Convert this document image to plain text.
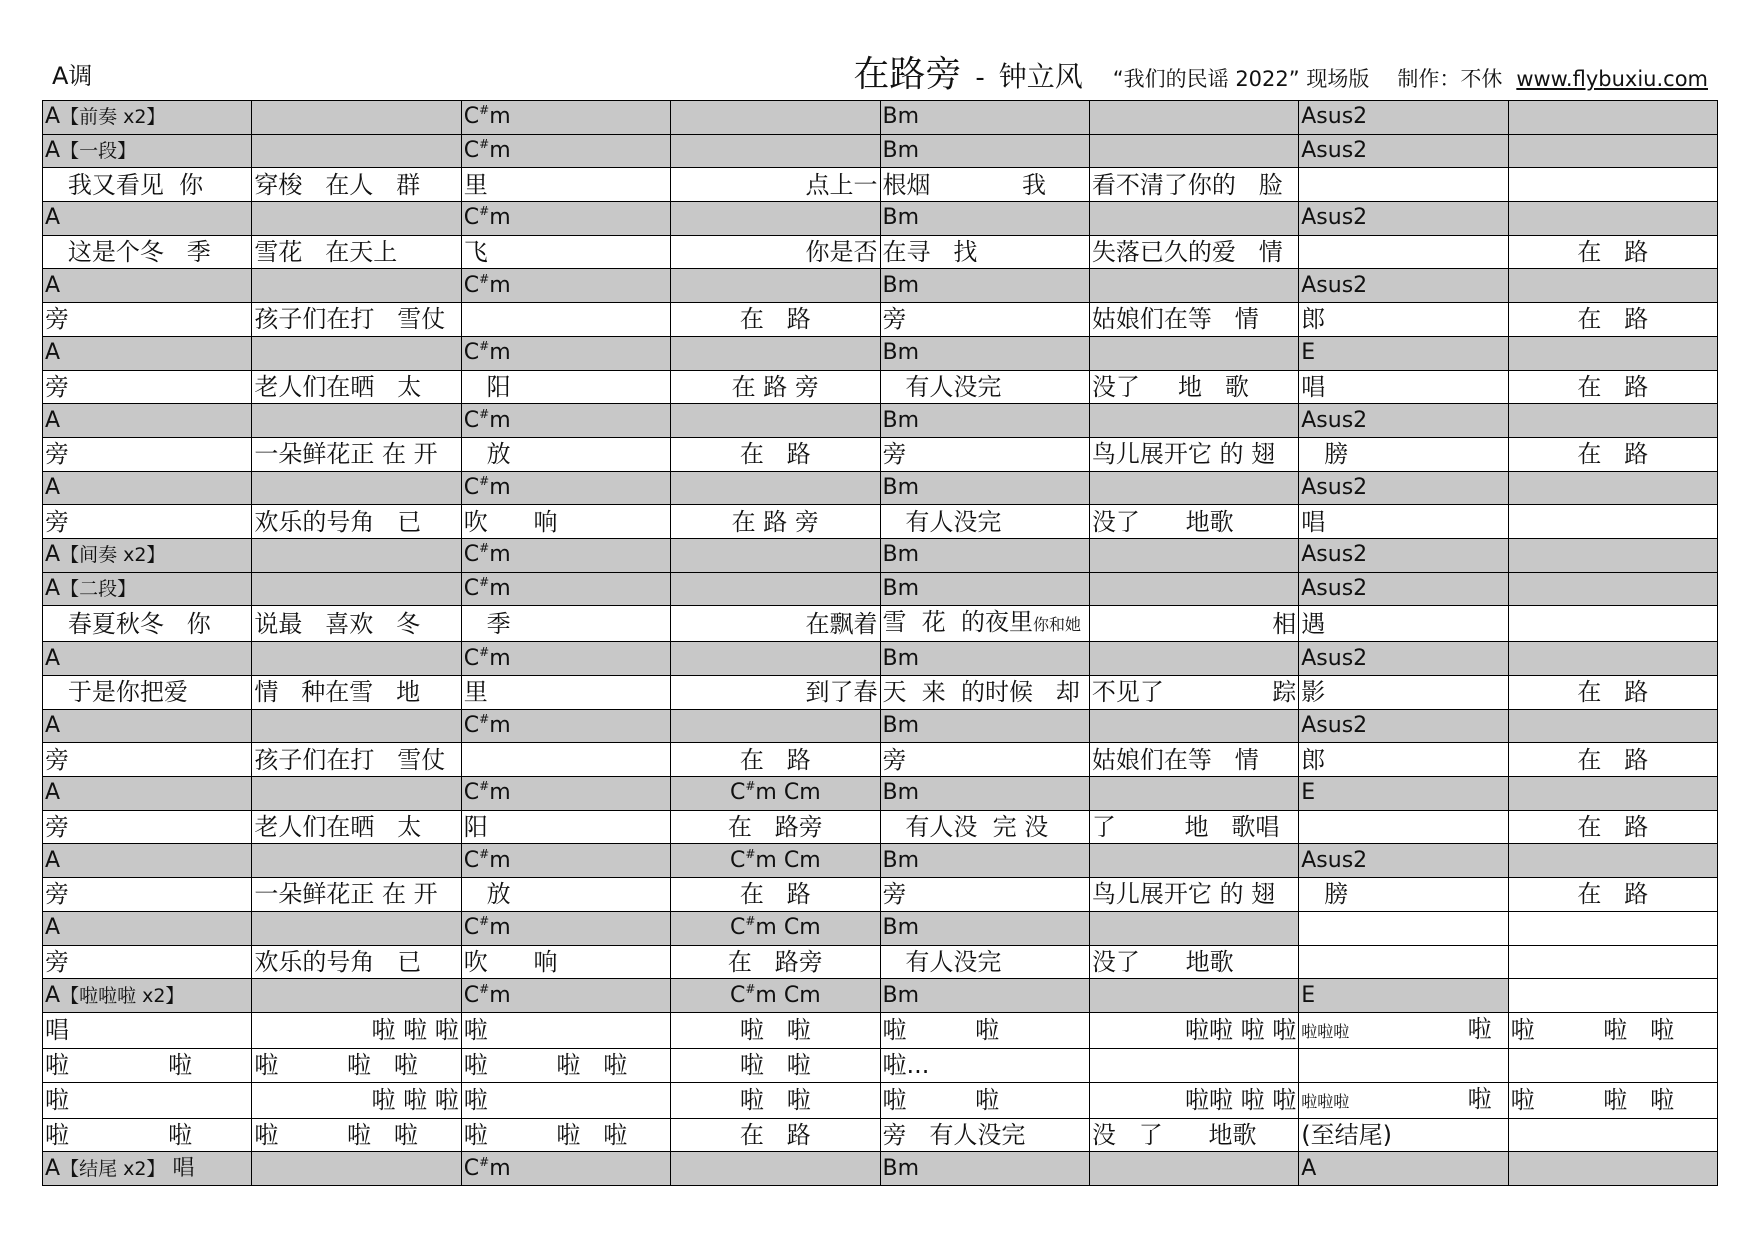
A调	在路旁 - 钟立风 “我们的民谣 2022” 现场版 制作：不休 www.flybuxiu.com
A【前奏 x2】		C#m		Bm		Asus2	
A【一段】		C#m		Bm		Asus2	
我又看见  你	穿梭   在人   群	里	点上一	根烟            我	看不清了你的   脸		
A		C#m		Bm		Asus2	
这是个冬   季	雪花   在天上	飞	你是否	在寻   找	失落已久的爱   情		在   路
A		C#m		Bm		Asus2	
旁	孩子们在打   雪仗		在   路	旁	姑娘们在等   情	郎	在   路
A		C#m		Bm		E	
旁	老人们在晒   太	阳	在 路 旁	有人没完	没了     地   歌	唱	在   路
A		C#m		Bm		Asus2	
旁	一朵鲜花正 在 开	放	在   路	旁	鸟儿展开它 的 翅	膀	在   路
A		C#m		Bm		Asus2	
旁	欢乐的号角   已	吹      响	在 路 旁	有人没完	没了      地歌	唱	
A【间奏 x2】		C#m		Bm		Asus2	
A【二段】		C#m		Bm		Asus2	
春夏秋冬   你	说最   喜欢   冬	季	在飘着	雪  花  的夜里你和她	相	遇	
A		C#m		Bm		Asus2	
于是你把爱	情   种在雪   地	里	到了春	天  来  的时候   却	不见了 踪	影	在   路
A		C#m		Bm		Asus2	
旁	孩子们在打   雪仗		在   路	旁	姑娘们在等   情	郎	在   路
A		C#m	C#m Cm	Bm		E	
旁	老人们在晒   太	阳	在   路旁	有人没  完 没	了         地   歌唱		在   路
A		C#m	C#m Cm	Bm		Asus2	
旁	一朵鲜花正 在 开	放	在   路	旁	鸟儿展开它 的 翅	膀	在   路
A		C#m	C#m Cm	Bm			
旁	欢乐的号角   已	吹      响	在   路旁	有人没完	没了      地歌		
A【啦啦啦 x2】		C#m	C#m Cm	Bm		E	
唱	啦 啦 啦	啦	啦   啦	啦         啦	啦啦 啦 啦	啦啦啦 啦	啦         啦   啦
啦             啦	啦         啦   啦	啦         啦   啦	啦   啦	啦...			
啦	啦 啦 啦	啦	啦   啦	啦         啦	啦啦 啦 啦	啦啦啦 啦	啦         啦   啦
啦             啦	啦         啦   啦	啦         啦   啦	在   路	旁   有人没完	没   了      地歌	(至结尾)	
A【结尾 x2】 唱		C#m		Bm		A	
